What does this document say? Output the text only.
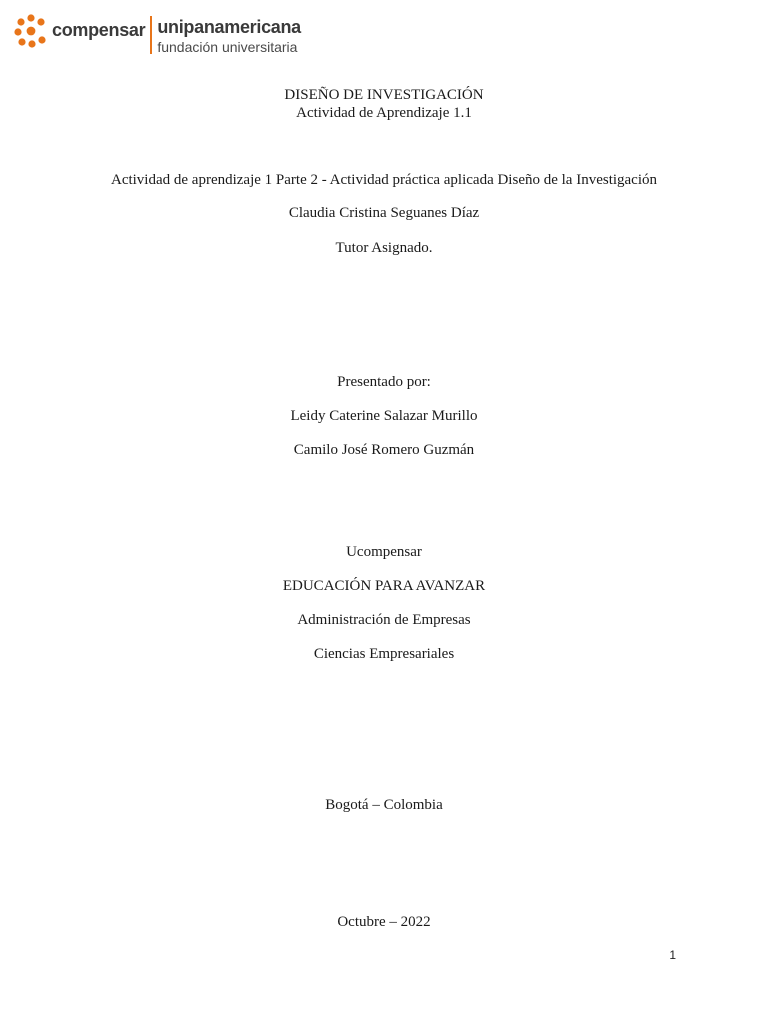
compensar unipanamericana
fundación universitaria
DISEÑO DE INVESTIGACIÓN
Actividad de Aprendizaje 1.1
Actividad de aprendizaje 1 Parte 2 - Actividad práctica aplicada Diseño de la Investigación
Claudia Cristina Seguanes Díaz
Tutor Asignado.
Presentado por:
Leidy Caterine Salazar Murillo
Camilo José Romero Guzmán
Ucompensar
EDUCACIÓN PARA AVANZAR
Administración de Empresas
Ciencias Empresariales
Bogotá – Colombia
Octubre – 2022
1
